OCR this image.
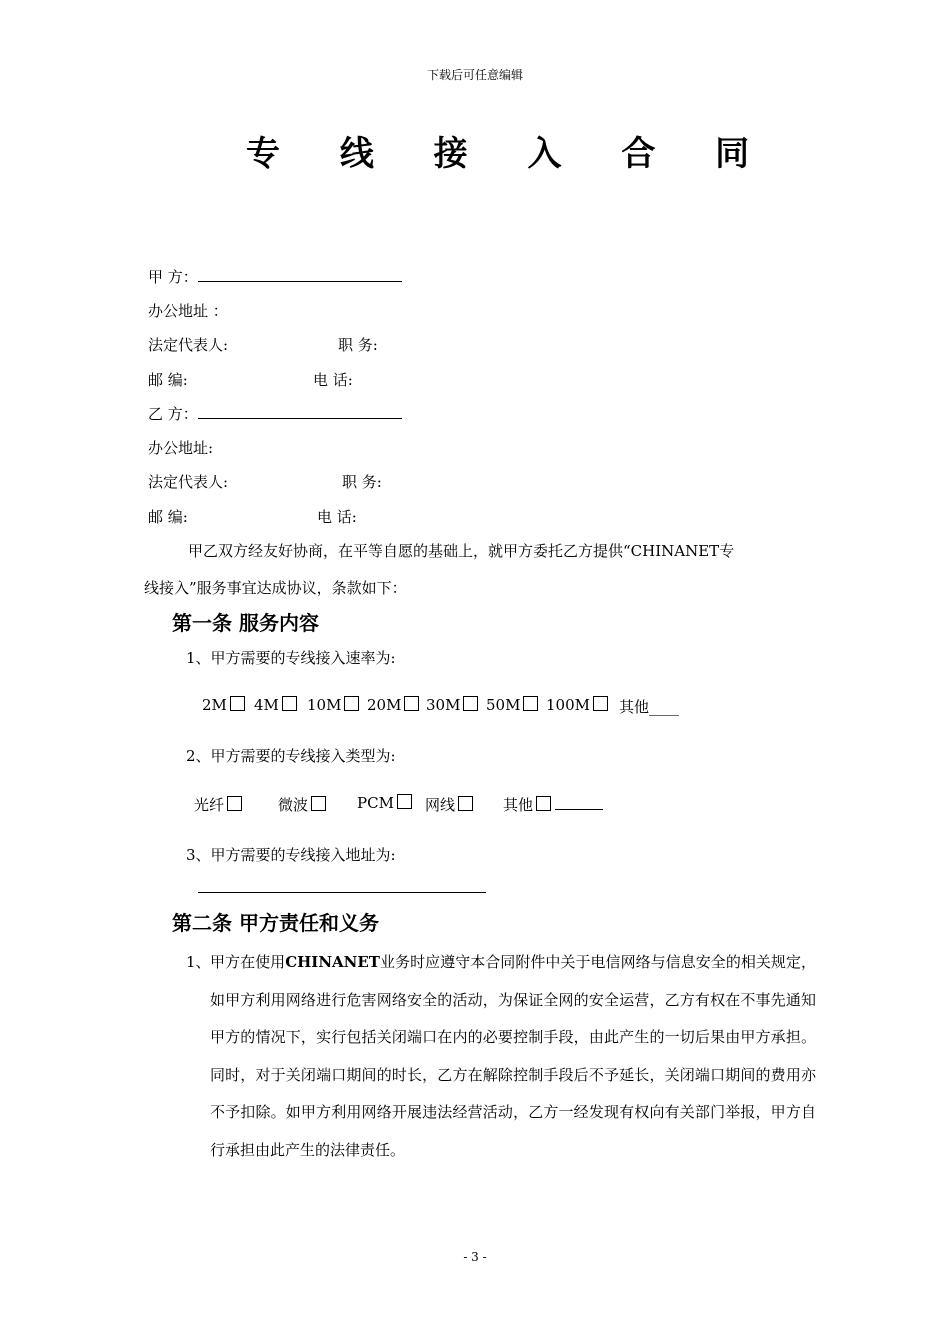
下载后可任意编辑
专 线 接 入 合 同
甲 方：
办公地址 ：
法定代表人:	职 务:
邮 编:	电 话:
乙 方：
办公地址:
法定代表人:	职 务:
邮 编:	电 话:
甲乙双方经友好协商，在平等自愿的基础上，就甲方委托乙方提供“CHINANET专
线接入”服务事宜达成协议，条款如下：
第一条 服务内容
1、甲方需要的专线接入速率为:
2M	4M	10M	20M	30M	50M	100M	其他____
2、甲方需要的专线接入类型为:
光纤	微波	PCM	网线	其他
3、甲方需要的专线接入地址为:
第二条 甲方责任和义务
1、 甲方在使用CHINANET业务时应遵守本合同附件中关于电信网络与信息安全的相关规定，如甲方利用网络进行危害网络安全的活动，为保证全网的安全运营，乙方有权在不事先通知甲方的情况下，实行包括关闭端口在内的必要控制手段，由此产生的一切后果由甲方承担。同时，对于关闭端口期间的时长，乙方在解除控制手段后不予延长，关闭端口期间的费用亦不予扣除。如甲方利用网络开展违法经营活动，乙方一经发现有权向有关部门举报，甲方自行承担由此产生的法律责任。
- 3 -
